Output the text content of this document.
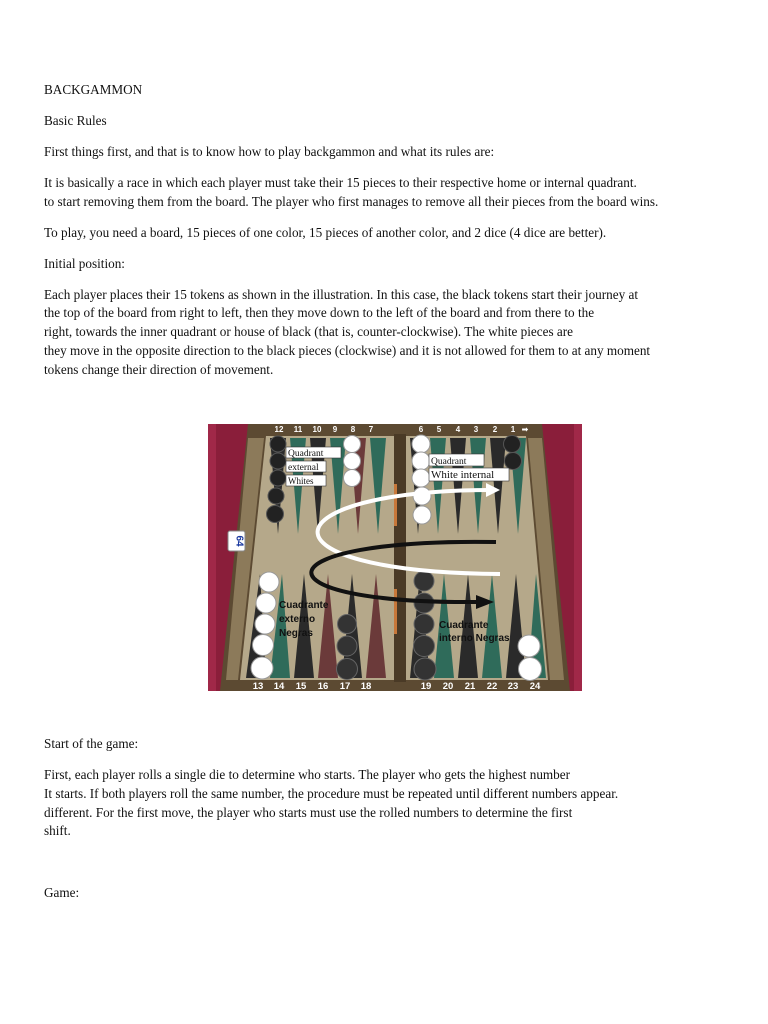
BACKGAMMON
Basic Rules
First things first, and that is to know how to play backgammon and what its rules are:
It is basically a race in which each player must take their 15 pieces to their respective home or internal quadrant.
to start removing them from the board. The player who first manages to remove all their pieces from the board wins.
To play, you need a board, 15 pieces of one color, 15 pieces of another color, and 2 dice (4 dice are better).
Initial position:
Each player places their 15 tokens as shown in the illustration. In this case, the black tokens start their journey at
the top of the board from right to left, then they move down to the left of the board and from there to the
right, towards the inner quadrant or house of black (that is, counter-clockwise). The white pieces are
they move in the opposite direction to the black pieces (clockwise) and it is not allowed for them to at any moment
tokens change their direction of movement.
64
Quadrant
external
Whites
Quadrant
White internal
Cuadrante
externo
Negras
Cuadrante
interno Negras
12 11 10 9 8 7	6 5 4 3 2 1 ➡
13 14 15 16 17 18	19 20 21 22 23 24
Start of the game:
First, each player rolls a single die to determine who starts. The player who gets the highest number
It starts. If both players roll the same number, the procedure must be repeated until different numbers appear.
different. For the first move, the player who starts must use the rolled numbers to determine the first
shift.
Game:
